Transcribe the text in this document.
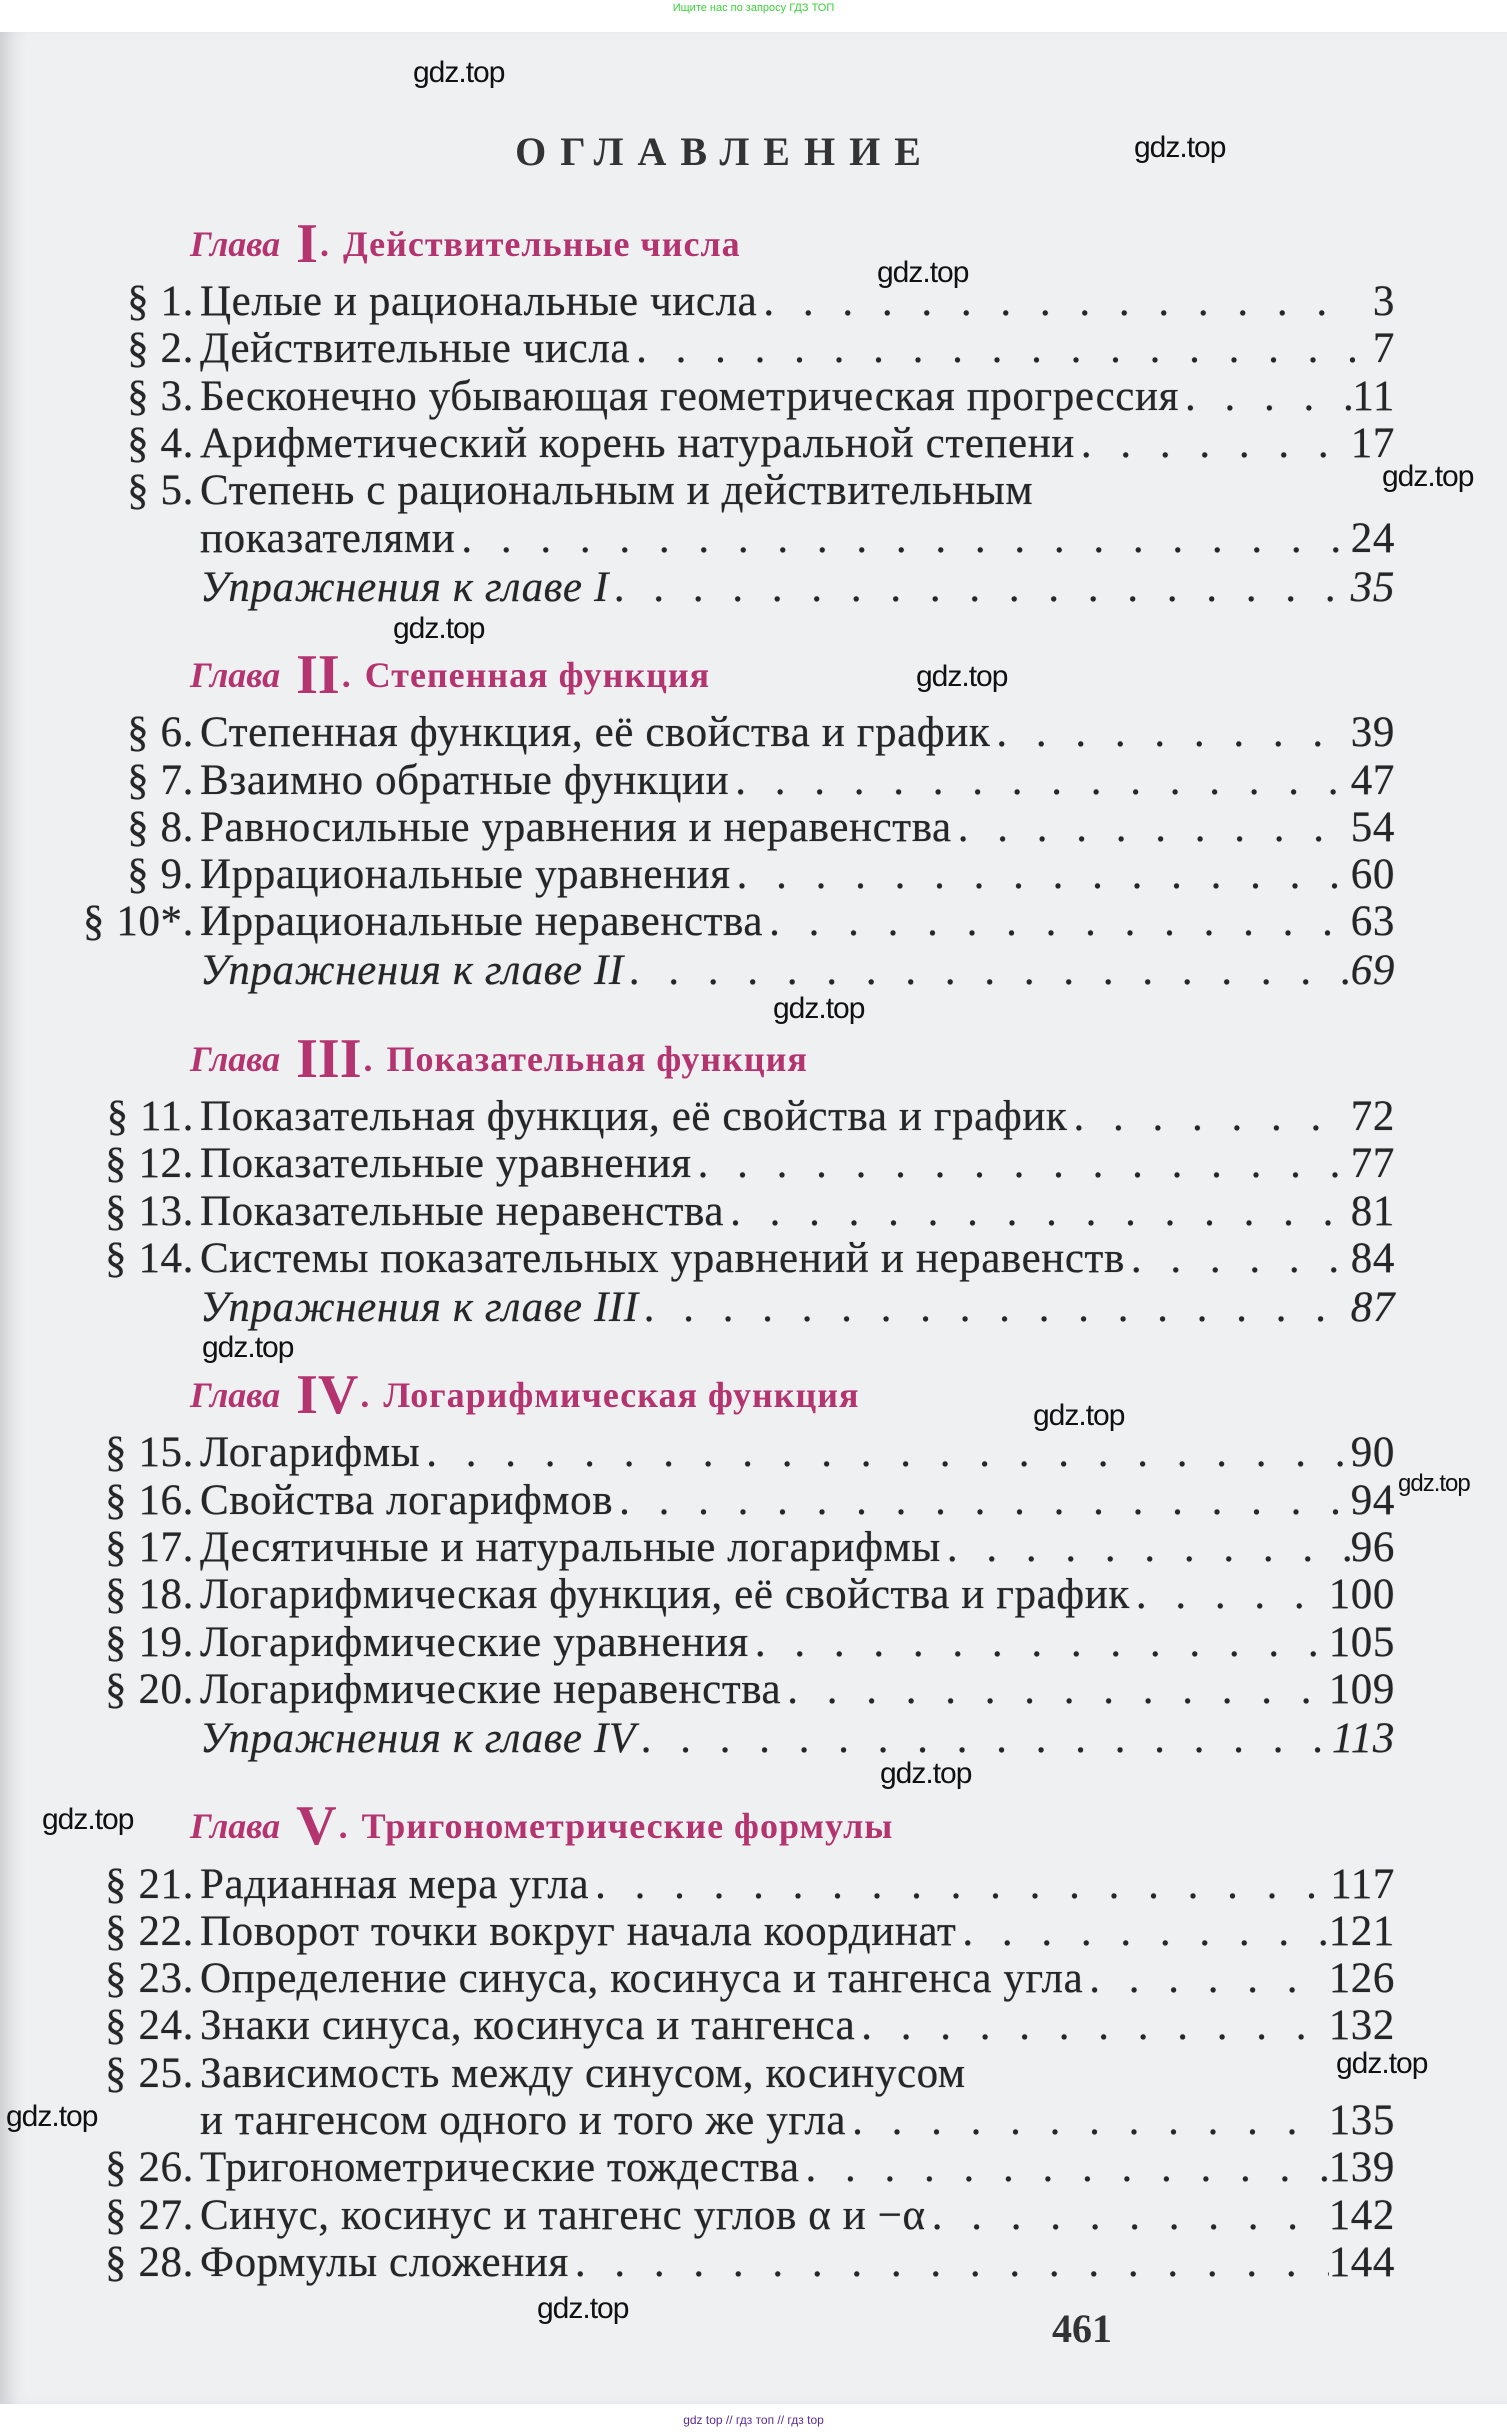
Ищите нас по запросу ГДЗ ТОП
ОГЛАВЛЕНИЕ
Глава I . Действительные числа
§ 1. Целые и рациональные числа . . .	3
§ 2. Действительные числа . . .	7
§ 3. Бесконечно убывающая геометрическая прогрессия . . .	11
§ 4. Арифметический корень натуральной степени . . .	17
§ 5. Степень с рациональным и действительным
показателями . . .	24
Упражнения к главе I . . .	35
Глава II . Степенная функция
§ 6. Степенная функция, её свойства и график . . .	39
§ 7. Взаимно обратные функции . . .	47
§ 8. Равносильные уравнения и неравенства . . .	54
§ 9. Иррациональные уравнения . . .	60
§ 10*. Иррациональные неравенства . . .	63
Упражнения к главе II . . .	69
Глава III . Показательная функция
§ 11. Показательная функция, её свойства и график . . .	72
§ 12. Показательные уравнения . . .	77
§ 13. Показательные неравенства . . .	81
§ 14. Системы показательных уравнений и неравенств . . .	84
Упражнения к главе III . . .	87
Глава IV . Логарифмическая функция
§ 15. Логарифмы . . .	90
§ 16. Свойства логарифмов . . .	94
§ 17. Десятичные и натуральные логарифмы . . .	96
§ 18. Логарифмическая функция, её свойства и график . . .	100
§ 19. Логарифмические уравнения . . .	105
§ 20. Логарифмические неравенства . . .	109
Упражнения к главе IV . . .	113
Глава V . Тригонометрические формулы
§ 21. Радианная мера угла . . .	117
§ 22. Поворот точки вокруг начала координат . . .	121
§ 23. Определение синуса, косинуса и тангенса угла . . .	126
§ 24. Знаки синуса, косинуса и тангенса . . .	132
§ 25. Зависимость между синусом, косинусом
и тангенсом одного и того же угла . . .	135
§ 26. Тригонометрические тождества . . .	139
§ 27. Синус, косинус и тангенс углов α и −α . . .	142
§ 28. Формулы сложения . . .	144
gdz.top
gdz.top
gdz.top
gdz.top
gdz.top
gdz.top
gdz.top
gdz.top
gdz.top
gdz.top
gdz.top
gdz.top
gdz.top
gdz.top
gdz.top	461
gdz top // гдз топ // гдз top
